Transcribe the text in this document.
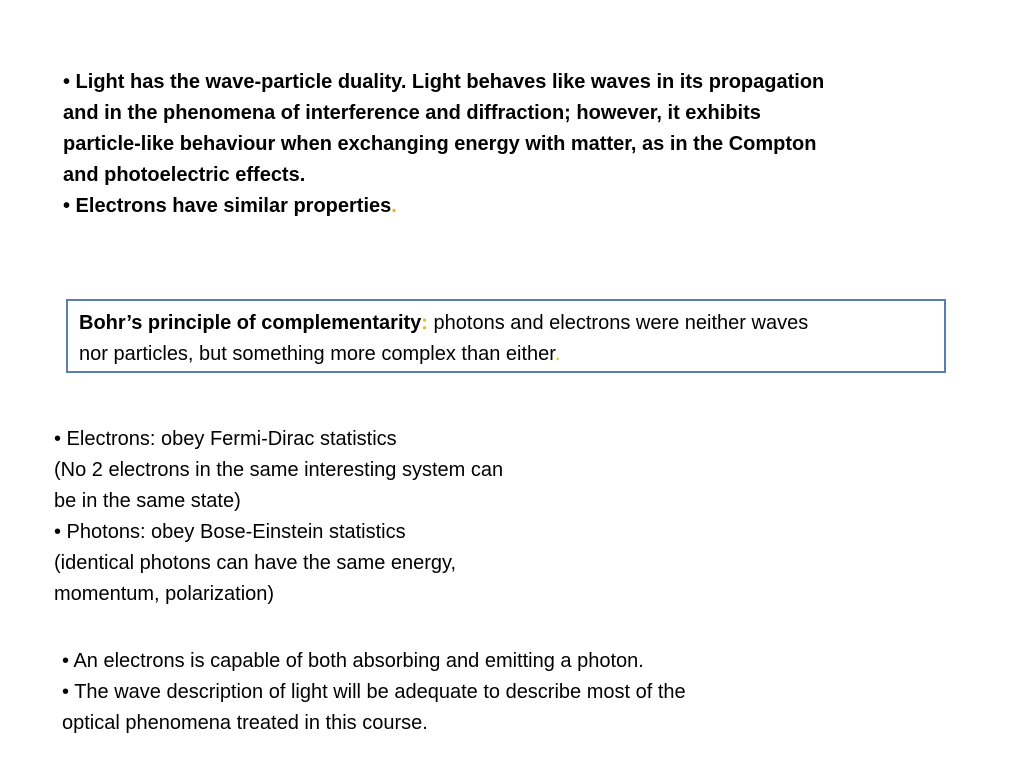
• Light has the wave-particle duality. Light behaves like waves in its propagation
and in the phenomena of interference and diffraction; however, it exhibits
particle-like behaviour when exchanging energy with matter, as in the Compton
and photoelectric effects.
• Electrons have similar properties.
Bohr’s principle of complementarity: photons and electrons were neither waves
nor particles, but something more complex than either.
• Electrons: obey Fermi-Dirac statistics
(No 2 electrons in the same interesting system can
be in the same state)
• Photons: obey Bose-Einstein statistics
(identical photons can have the same energy,
momentum, polarization)
• An electrons is capable of both absorbing and emitting a photon.
• The wave description of light will be adequate to describe most of the
optical phenomena treated in this course.
